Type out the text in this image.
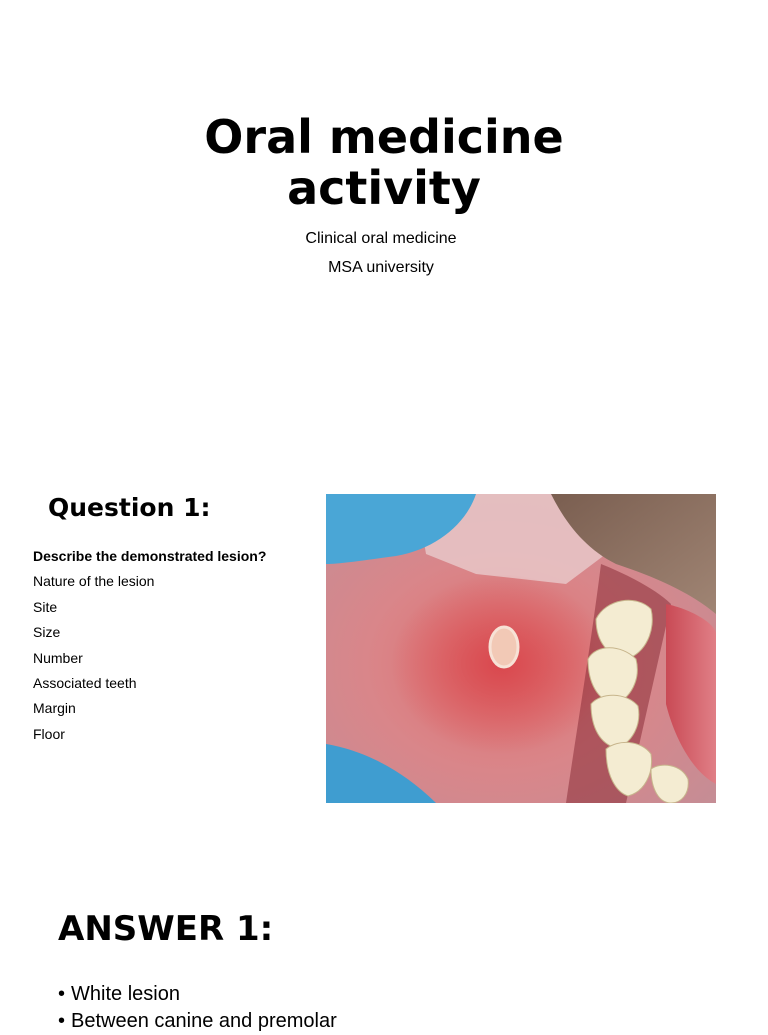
Oral medicine
activity
Clinical oral medicine
MSA university
Question 1:
Describe the demonstrated lesion?
Nature of the lesion
Site
Size
Number
Associated teeth
Margin
Floor
ANSWER 1:
• White lesion
• Between canine and premolar
